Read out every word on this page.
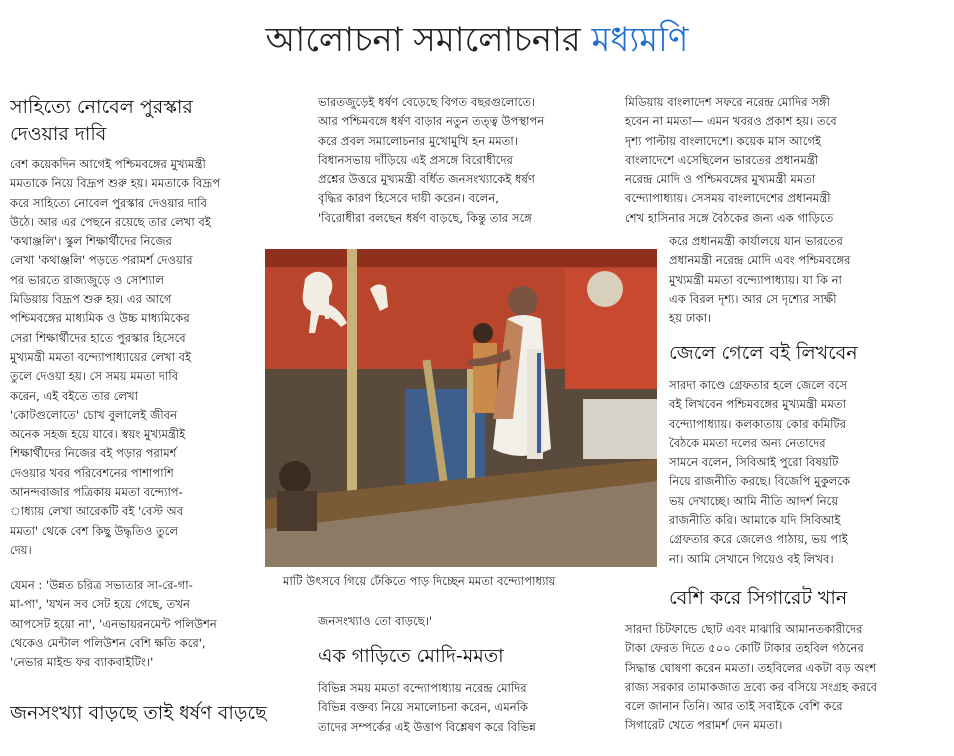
আলোচনা সমালোচনার মধ্যমণি
সাহিত্যে নোবেল পুরস্কার
দেওয়ার দাবি

বেশ কয়েকদিন আগেই পশ্চিমবঙ্গের মুখ্যমন্ত্রী
মমতাকে নিয়ে বিদ্রূপ শুরু হয়। মমতাকে বিদ্রূপ
করে সাহিত্যে নোবেল পুরস্কার দেওয়ার দাবি
উঠে। আর এর পেছনে রয়েছে তার লেখা বই
'কথাঞ্জলি'। স্কুল শিক্ষার্থীদের নিজের
লেখা 'কথাঞ্জলি' পড়তে পরামর্শ দেওয়ার
পর ভারতে রাজ্যজুড়ে ও সোশ্যাল
মিডিয়ায় বিদ্রূপ শুরু হয়। এর আগে
পশ্চিমবঙ্গের মাধ্যমিক ও উচ্চ মাধ্যমিকের
সেরা শিক্ষার্থীদের হাতে পুরস্কার হিসেবে
মুখ্যমন্ত্রী মমতা বন্দ্যোপাধ্যায়ের লেখা বই
তুলে দেওয়া হয়। সে সময় মমতা দাবি
করেন, এই বইতে তার লেখা
'কোটগুলোতে' চোখ বুলালেই জীবন
অনেক সহজ হয়ে যাবে। স্বয়ং মুখ্যমন্ত্রীই
শিক্ষার্থীদের নিজের বই পড়ার পরামর্শ
দেওয়ার খবর পরিবেশনের পাশাপাশি
আনন্দবাজার পত্রিকায় মমতা বন্দ্যোপ-
াধ্যায় লেখা আরেকটি বই 'বেস্ট অব
মমতা' থেকে বেশ কিছু উদ্ধৃতিও তুলে
দেয়।

যেমন : 'উন্নত চরিত্র সভ্যতার সা-রে-গা-
মা-পা', 'যখন সব সেট হয়ে গেছে, তখন
আপসেট হয়ো না', 'এনভায়রনমেন্ট পলিউশন
থেকেও মেন্টাল পলিউশন বেশি ক্ষতি করে',
'নেভার মাইন্ড ফর ব্যাকবাইটিং।'

জনসংখ্যা বাড়ছে তাই ধর্ষণ বাড়ছে

ভারতজুড়েই ধর্ষণ বেড়েছে বিগত বছরগুলোতে।
আর পশ্চিমবঙ্গে ধর্ষণ বাড়ার নতুন তত্ত্ব উপস্থাপন
করে প্রবল সমালোচনার মুখোমুখি হন মমতা।
বিধানসভায় দাঁড়িয়ে এই প্রসঙ্গে বিরোধীদের
প্রশ্নের উত্তরে মুখ্যমন্ত্রী বর্ধিত জনসংখ্যাকেই ধর্ষণ
বৃদ্ধির কারণ হিসেবে দায়ী করেন। বলেন,
'বিরোধীরা বলছেন ধর্ষণ বাড়ছে, কিন্তু তার সঙ্গে

জনসংখ্যাও তো বাড়ছে।'

এক গাড়িতে মোদি-মমতা

বিভিন্ন সময় মমতা বন্দ্যোপাধ্যায় নরেন্দ্র মোদির
বিভিন্ন বক্তব্য নিয়ে সমালোচনা করেন, এমনকি
তাদের সম্পর্কের এই উত্তাপ বিশ্লেষণ করে বিভিন্ন

মিডিয়ায় বাংলাদেশ সফরে নরেন্দ্র মোদির সঙ্গী
হবেন না মমতা— এমন খবরও প্রকাশ হয়। তবে
দৃশ্য পাল্টায় বাংলাদেশে। কয়েক মাস আগেই
বাংলাদেশে এসেছিলেন ভারতের প্রধানমন্ত্রী
নরেন্দ্র মোদি ও পশ্চিমবঙ্গের মুখ্যমন্ত্রী মমতা
বন্দ্যোপাধ্যায়। সেসময় বাংলাদেশের প্রধানমন্ত্রী
শেখ হাসিনার সঙ্গে বৈঠকের জন্য এক গাড়িতে

করে প্রধানমন্ত্রী কার্যালয়ে যান ভারতের
প্রধানমন্ত্রী নরেন্দ্র মোদি এবং পশ্চিমবঙ্গের
মুখ্যমন্ত্রী মমতা বন্দ্যোপাধ্যায়। যা কি না
এক বিরল দৃশ্য। আর সে দৃশ্যের সাক্ষী
হয় ঢাকা।

জেলে গেলে বই লিখবেন

সারদা কাণ্ডে গ্রেফতার হলে জেলে বসে
বই লিখবেন পশ্চিমবঙ্গের মুখ্যমন্ত্রী মমতা
বন্দ্যোপাধ্যায়। কলকাতায় কোর কমিটির
বৈঠকে মমতা দলের অন্য নেতাদের
সামনে বলেন, সিবিআই পুরো বিষয়টি
নিয়ে রাজনীতি করছে। বিজেপি মুকুলকে
ভয় দেখাচ্ছে। আমি নীতি আদর্শ নিয়ে
রাজনীতি করি। আমাকে যদি সিবিআই
গ্রেফতার করে জেলেও পাঠায়, ভয় পাই
না। আমি সেখানে গিয়েও বই লিখব।

বেশি করে সিগারেট খান

সারদা চিটফান্ডে ছোট এবং মাঝারি আমানতকারীদের
টাকা ফেরত দিতে ৫০০ কোটি টাকার তহবিল গঠনের
সিদ্ধান্ত ঘোষণা করেন মমতা। তহবিলের একটা বড় অংশ
রাজ্য সরকার তামাকজাত দ্রব্যে কর বসিয়ে সংগ্রহ করবে
বলে জানান তিনি। আর তাই সবাইকে বেশি করে
সিগারেট খেতে পরামর্শ দেন মমতা।

মাটি উৎসবে গিয়ে ঢেঁকিতে পাড় দিচ্ছেন মমতা বন্দ্যোপাধ্যায়
